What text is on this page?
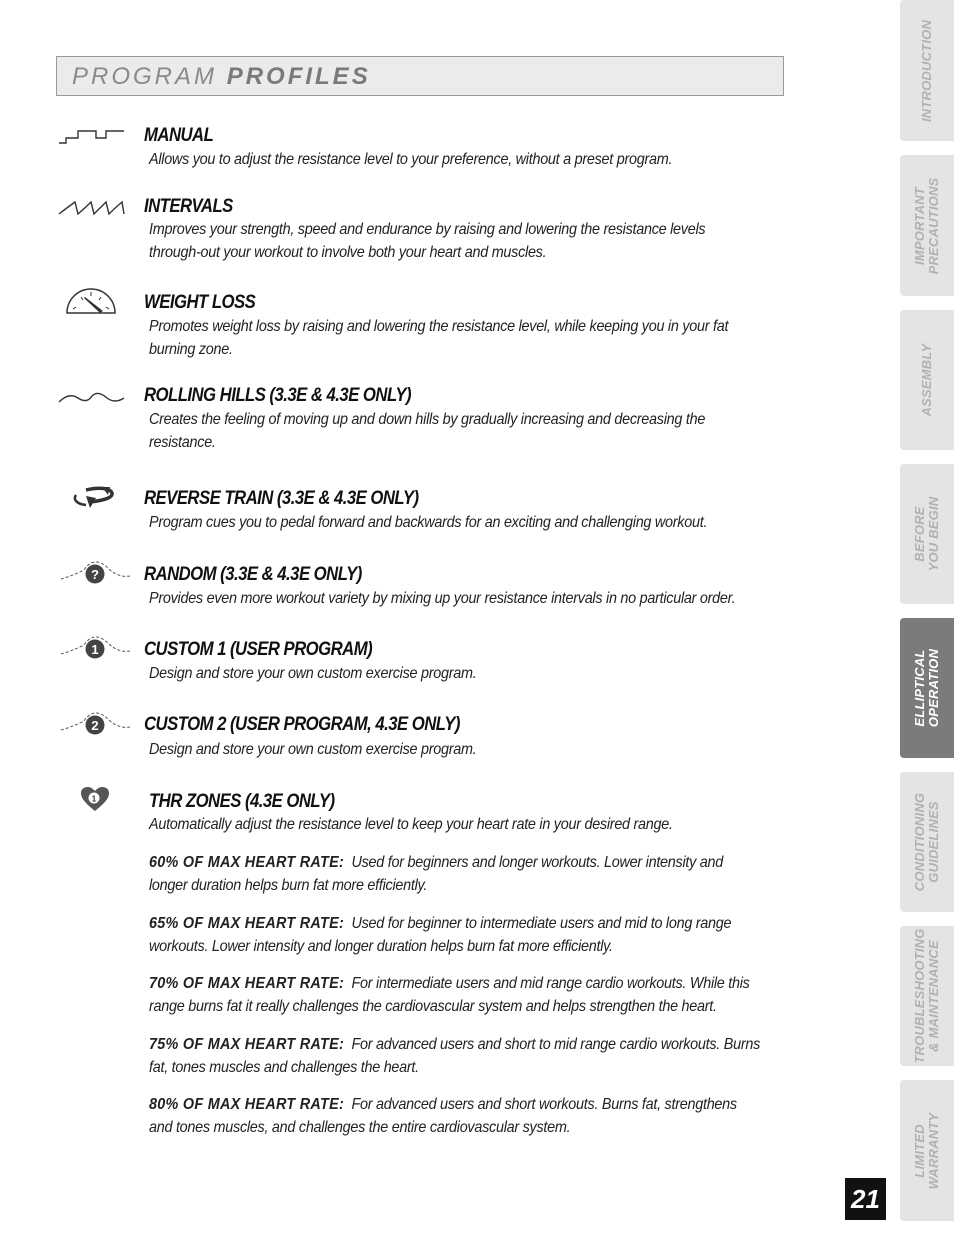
PROGRAM PROFILES
?
1
2
1
MANUAL
Allows you to adjust the resistance level to your preference, without a preset program.
INTERVALS
Improves your strength, speed and endurance by raising and lowering the resistance levels
through-out your workout to involve both your heart and muscles.
WEIGHT LOSS
Promotes weight loss by raising and lowering the resistance level, while keeping you in your fat
burning zone.
ROLLING HILLS (3.3E & 4.3E ONLY)
Creates the feeling of moving up and down hills by gradually increasing and decreasing the
resistance.
REVERSE TRAIN (3.3E & 4.3E ONLY)
Program cues you to pedal forward and backwards for an exciting and challenging workout.
RANDOM (3.3E & 4.3E ONLY)
Provides even more workout variety by mixing up your resistance intervals in no particular order.
CUSTOM 1 (USER PROGRAM)
Design and store your own custom exercise program.
CUSTOM 2 (USER PROGRAM, 4.3E ONLY)
Design and store your own custom exercise program.
THR ZONES (4.3E ONLY)
Automatically adjust the resistance level to keep your heart rate in your desired range.
60% OF MAX HEART RATE: Used for beginners and longer workouts. Lower intensity and
longer duration helps burn fat more efficiently.
65% OF MAX HEART RATE: Used for beginner to intermediate users and mid to long range
workouts. Lower intensity and longer duration helps burn fat more efficiently.
70% OF MAX HEART RATE: For intermediate users and mid range cardio workouts. While this
range burns fat it really challenges the cardiovascular system and helps strengthen the heart.
75% OF MAX HEART RATE: For advanced users and short to mid range cardio workouts. Burns
fat, tones muscles and challenges the heart.
80% OF MAX HEART RATE: For advanced users and short workouts. Burns fat, strengthens
and tones muscles, and challenges the entire cardiovascular system.
INTRODUCTION
IMPORTANT PRECAUTIONS
ASSEMBLY
BEFORE YOU BEGIN
ELLIPTICAL OPERATION
CONDITIONING GUIDELINES
TROUBLESHOOTING & MAINTENANCE
LIMITED WARRANTY
21
